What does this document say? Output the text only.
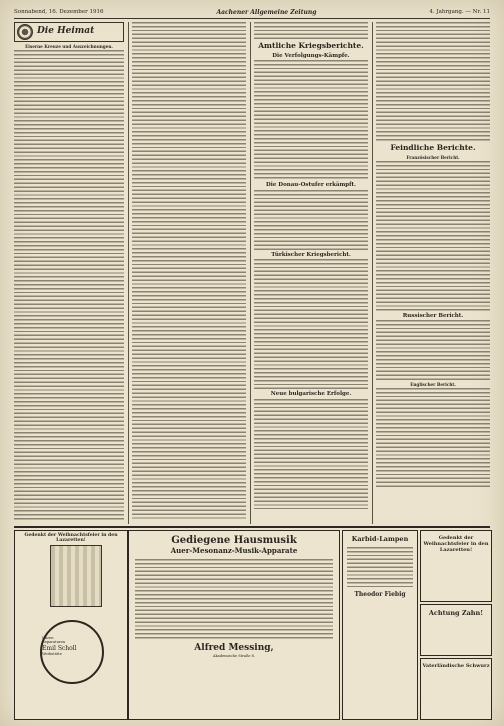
Sonnabend, 16. Dezember 1916	Aachener Allgemeine Zeitung	4. Jahrgang. — Nr. 11
Die Heimat
Eiserne Kreuze und Auszeichnungen.	Amtliche Kriegsberichte.
Die Verfolgungs-Kämpfe.
Die Donau-Ostufer erkämpft.
Türkischer Kriegsbericht.
Neue bulgarische Erfolge.
Feindliche Berichte.
Französischer Bericht.
Russischer Bericht.
Englischer Bericht.
Gedenkt der Weihnachtsfeier in den Lazaretten!
Uhren
Reparaturen
Emil Scholl
Werkstätte
Gediegene Hausmusik
Auer-Mesonanz-Musik-Apparate
Alfred Messing,
Akademische Straße 8.
Karbid-Lampen
Theodor Fiebig
Gedenkt der Weihnachtsfeier in den Lazaretten!
Achtung Zahn!
Vaterländische Schwurz
